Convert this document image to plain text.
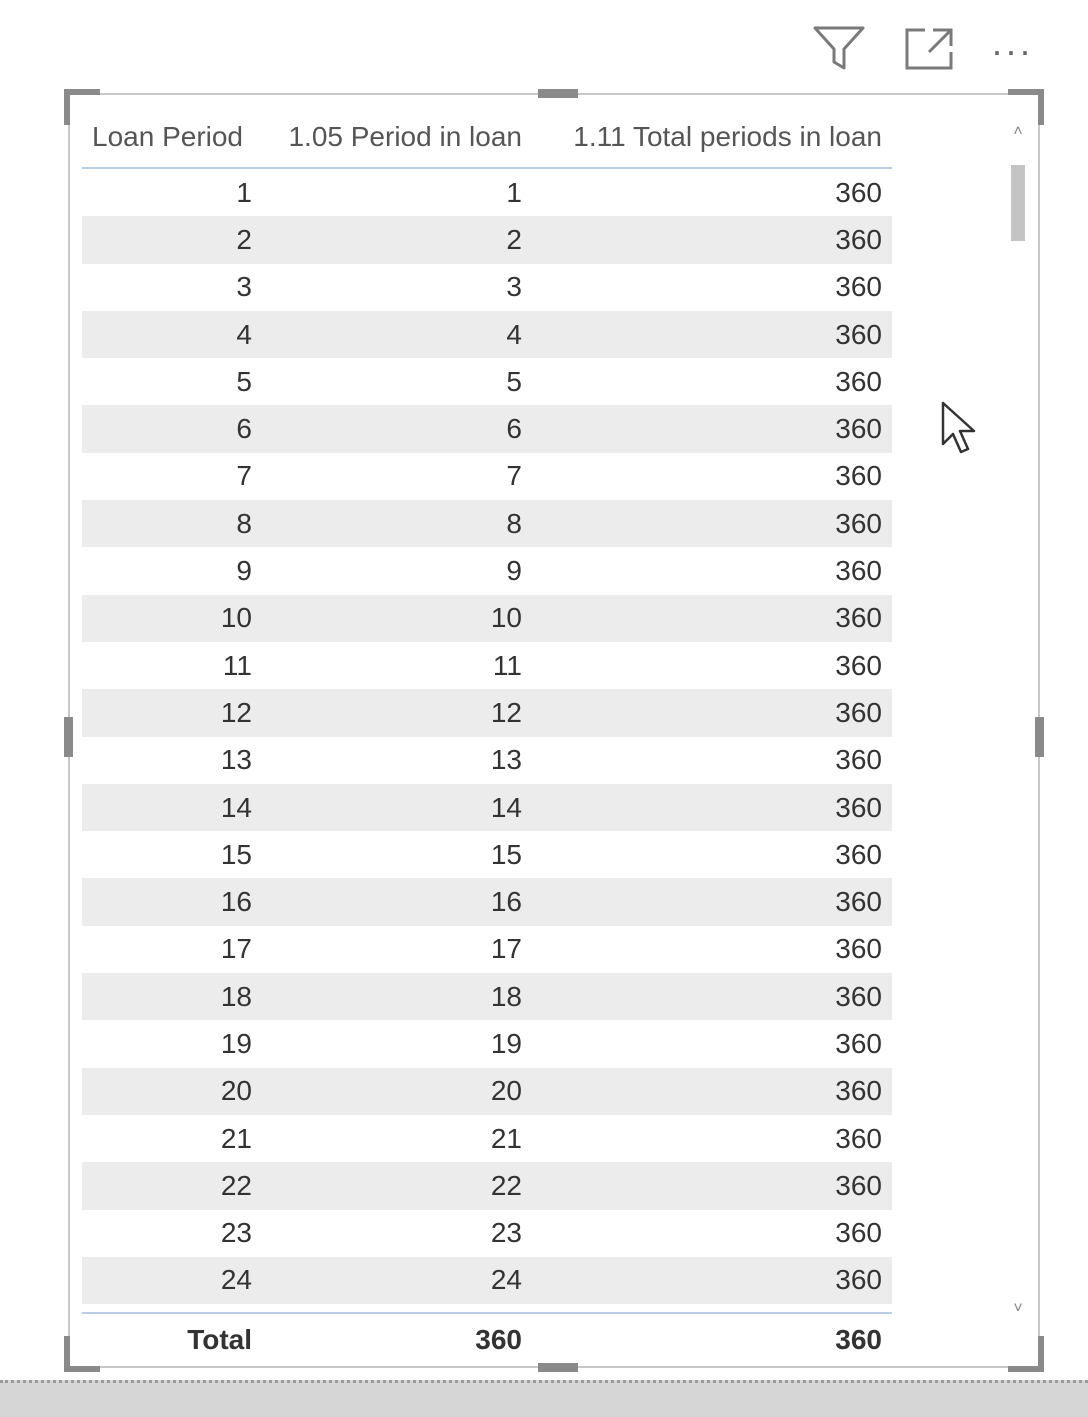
···
Loan Period	1.05 Period in loan	1.11 Total periods in loan
1	1	360
2	2	360
3	3	360
4	4	360
5	5	360
6	6	360
7	7	360
8	8	360
9	9	360
10	10	360
11	11	360
12	12	360
13	13	360
14	14	360
15	15	360
16	16	360
17	17	360
18	18	360
19	19	360
20	20	360
21	21	360
22	22	360
23	23	360
24	24	360
Total	360	360
˄
˅
